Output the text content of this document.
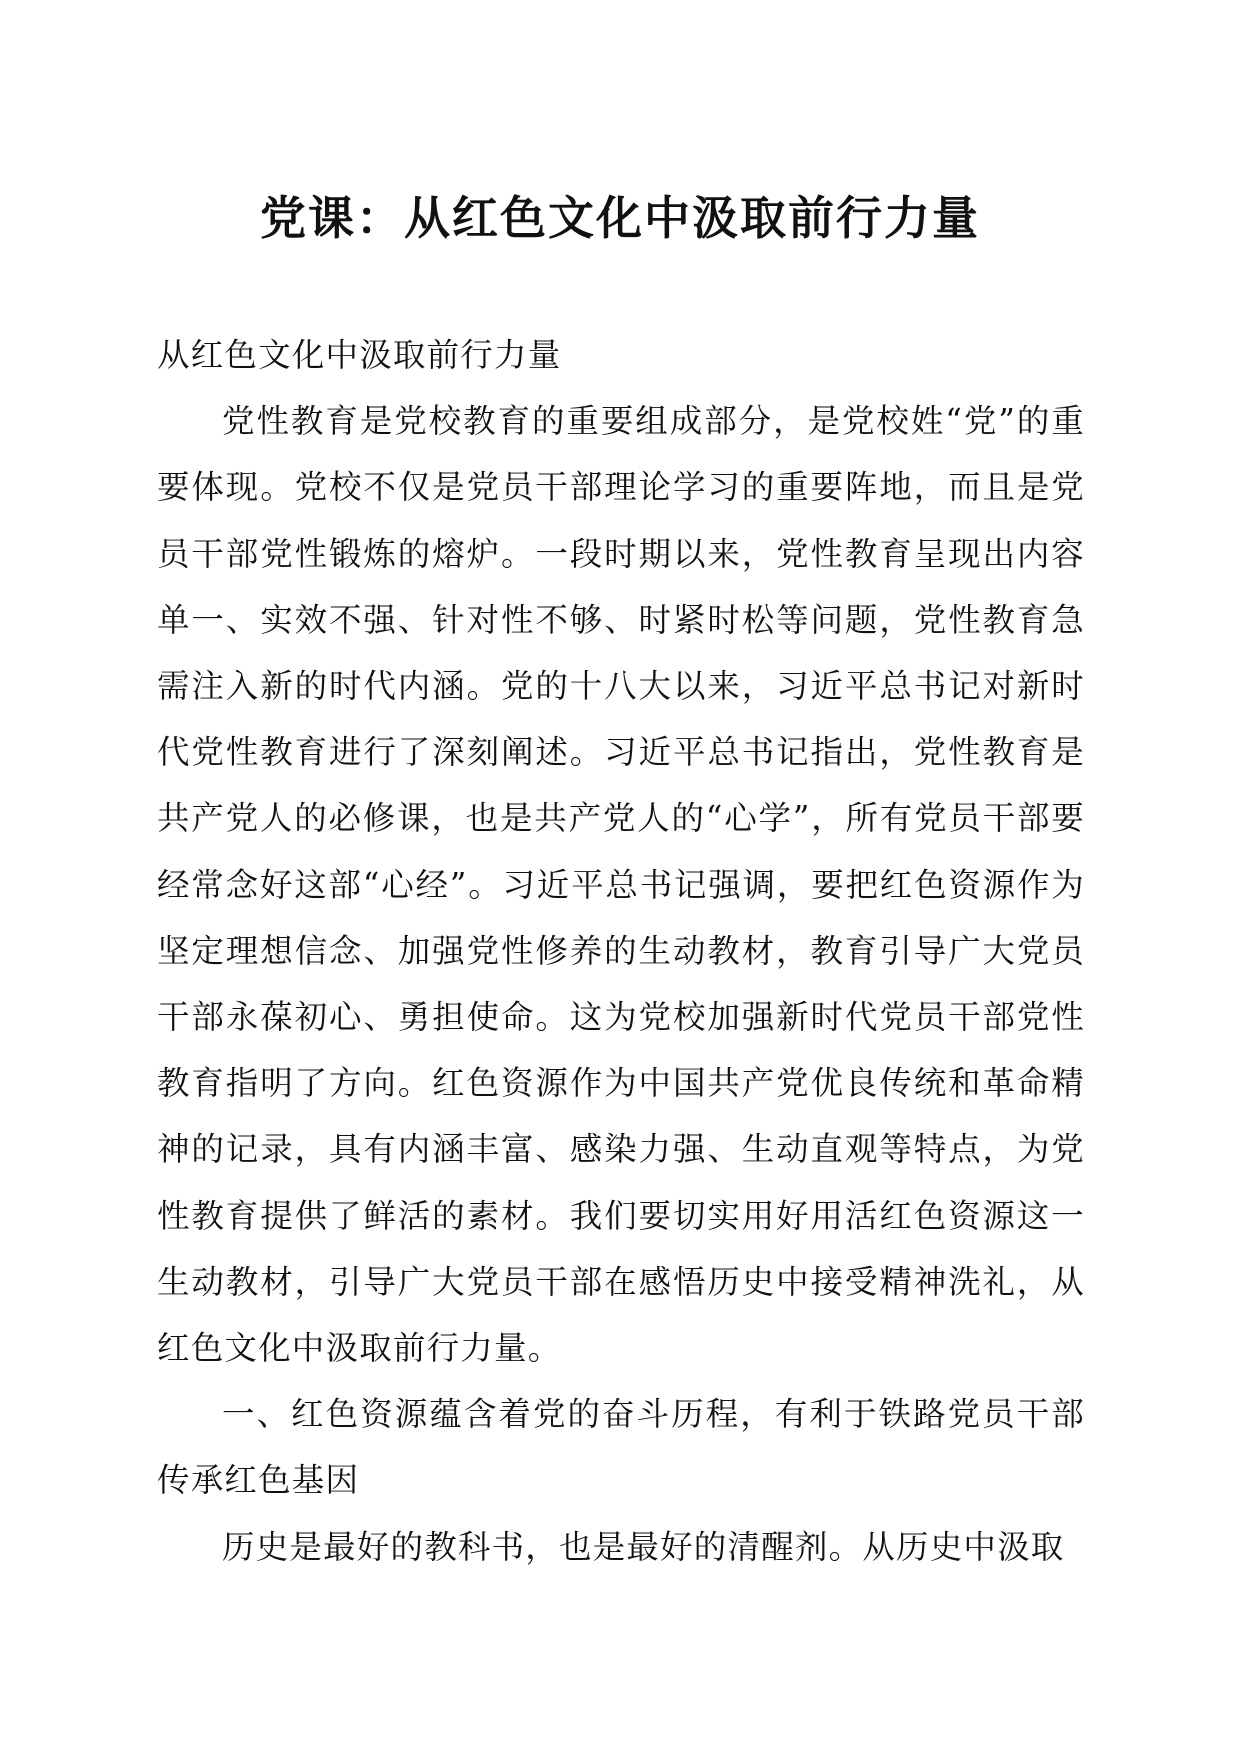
党课：从红色文化中汲取前行力量

从红色文化中汲取前行力量

党性教育是党校教育的重要组成部分，是党校姓“党”的重要体现。党校不仅是党员干部理论学习的重要阵地，而且是党员干部党性锻炼的熔炉。一段时期以来，党性教育呈现出内容单一、实效不强、针对性不够、时紧时松等问题，党性教育急需注入新的时代内涵。党的十八大以来，习近平总书记对新时代党性教育进行了深刻阐述。习近平总书记指出，党性教育是共产党人的必修课，也是共产党人的“心学”，所有党员干部要经常念好这部“心经”。习近平总书记强调，要把红色资源作为坚定理想信念、加强党性修养的生动教材，教育引导广大党员干部永葆初心、勇担使命。这为党校加强新时代党员干部党性教育指明了方向。红色资源作为中国共产党优良传统和革命精神的记录，具有内涵丰富、感染力强、生动直观等特点，为党性教育提供了鲜活的素材。我们要切实用好用活红色资源这一生动教材，引导广大党员干部在感悟历史中接受精神洗礼，从红色文化中汲取前行力量。

一、红色资源蕴含着党的奋斗历程，有利于铁路党员干部传承红色基因

历史是最好的教科书，也是最好的清醒剂。从历史中汲取
